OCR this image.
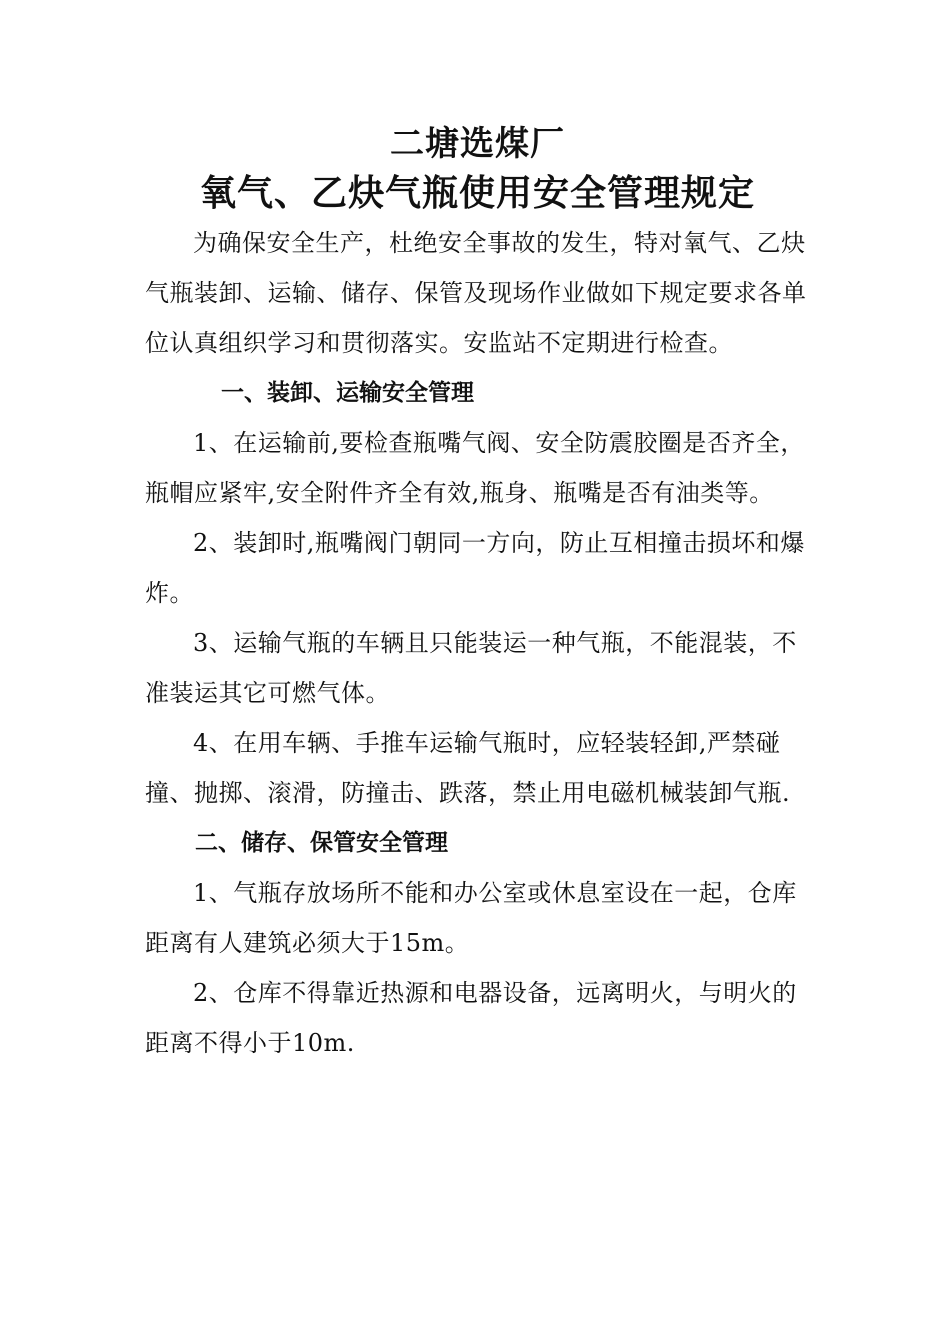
二塘选煤厂
氧气、乙炔气瓶使用安全管理规定

为确保安全生产，杜绝安全事故的发生，特对氧气、乙炔气瓶装卸、运输、储存、保管及现场作业做如下规定要求各单位认真组织学习和贯彻落实。安监站不定期进行检查。

一、装卸、运输安全管理

1、在运输前,要检查瓶嘴气阀、安全防震胶圈是否齐全，瓶帽应紧牢,安全附件齐全有效,瓶身、瓶嘴是否有油类等。

2、装卸时,瓶嘴阀门朝同一方向，防止互相撞击损坏和爆炸。

3、运输气瓶的车辆且只能装运一种气瓶，不能混装，不准装运其它可燃气体。

4、在用车辆、手推车运输气瓶时，应轻装轻卸,严禁碰撞、抛掷、滚滑，防撞击、跌落，禁止用电磁机械装卸气瓶.

二、储存、保管安全管理

1、气瓶存放场所不能和办公室或休息室设在一起，仓库距离有人建筑必须大于15m。

2、仓库不得靠近热源和电器设备，远离明火，与明火的距离不得小于10m.
